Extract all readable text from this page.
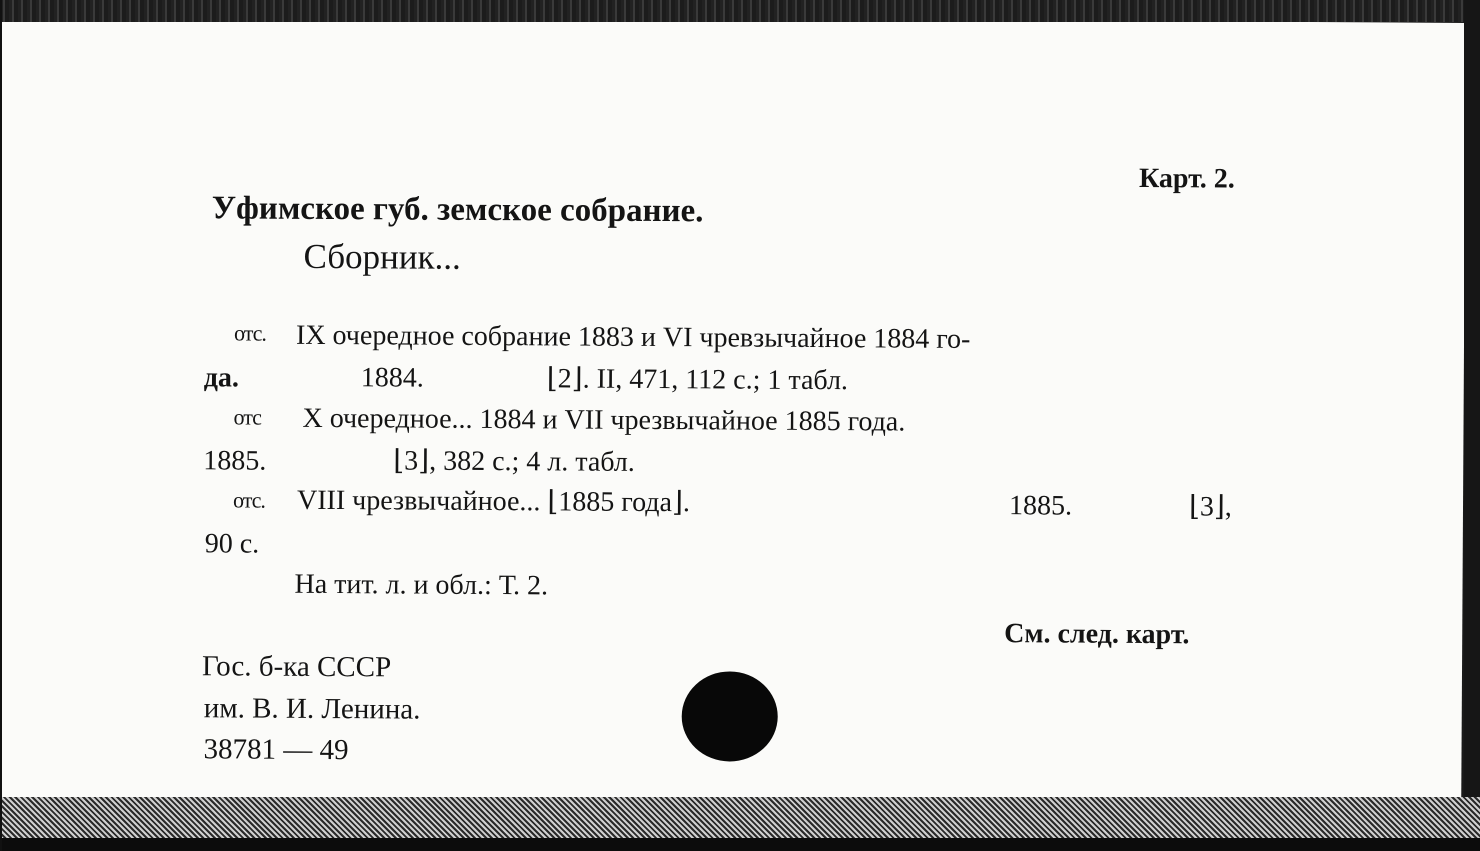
Карт. 2.
Уфимское губ. земское собрание.
Сборник...
отс. IX очередное собрание 1883 и VI чревзычайное 1884 го-
да.	1884.	⌊2⌋. II, 471, 112 с.; 1 табл.
отс X очередное... 1884 и VII чрезвычайное 1885 года.
1885.	⌊3⌋, 382 с.; 4 л. табл.
отс. VIII чрезвычайное... ⌊1885 года⌋.	1885.	⌊3⌋,
90 с.
На тит. л. и обл.: Т. 2.
См. след. карт.
Гос. б-ка СССР
им. В. И. Ленина.
38781 — 49
